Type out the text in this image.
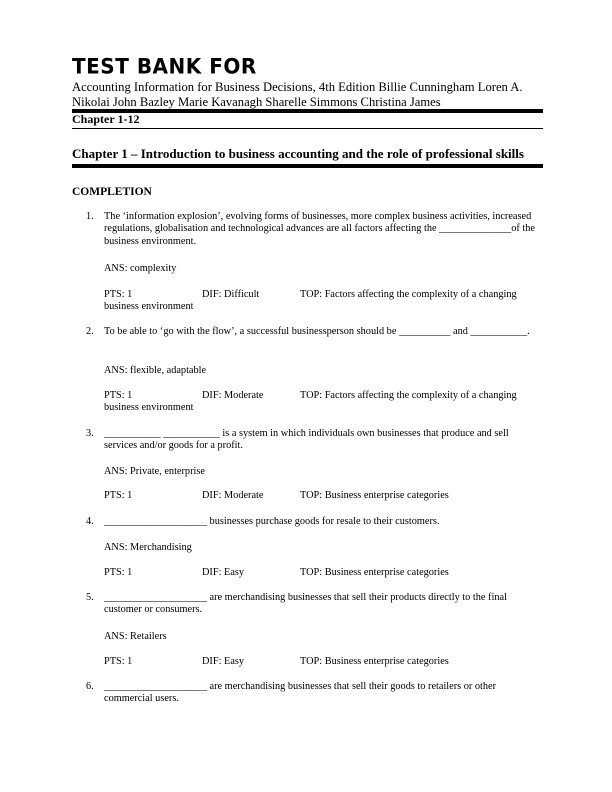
TEST BANK FOR
Accounting Information for Business Decisions, 4th Edition Billie Cunningham Loren A. Nikolai John Bazley Marie Kavanagh Sharelle Simmons Christina James
Chapter 1-12
Chapter 1 – Introduction to business accounting and the role of professional skills
COMPLETION
1. The ‘information explosion’, evolving forms of businesses, more complex business activities, increased regulations, globalisation and technological advances are all factors affecting the ______________of the business environment.
ANS: complexity
PTS: 1	DIF: Difficult	TOP: Factors affecting the complexity of a changing business environment
2. To be able to ‘go with the flow’, a successful businessperson should be __________ and ___________.
ANS: flexible, adaptable
PTS: 1	DIF: Moderate	TOP: Factors affecting the complexity of a changing business environment
3. ___________ ___________ is a system in which individuals own businesses that produce and sell services and/or goods for a profit.
ANS: Private, enterprise
PTS: 1	DIF: Moderate	TOP: Business enterprise categories
4. ____________________ businesses purchase goods for resale to their customers.
ANS: Merchandising
PTS: 1	DIF: Easy	TOP: Business enterprise categories
5. ____________________ are merchandising businesses that sell their products directly to the final customer or consumers.
ANS: Retailers
PTS: 1	DIF: Easy	TOP: Business enterprise categories
6. ____________________ are merchandising businesses that sell their goods to retailers or other commercial users.
